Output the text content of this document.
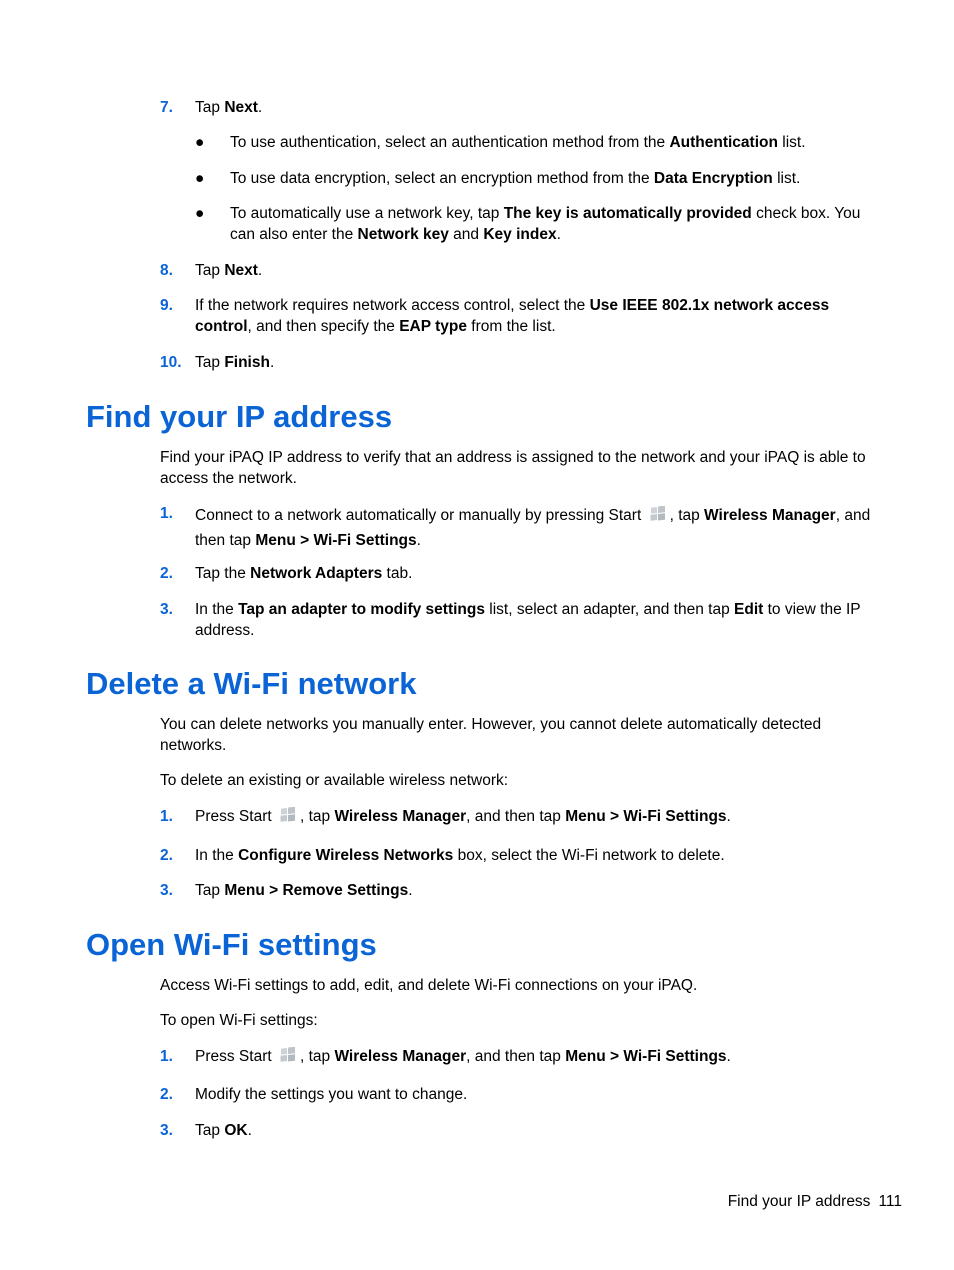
7. Tap Next.
● To use authentication, select an authentication method from the Authentication list.
● To use data encryption, select an encryption method from the Data Encryption list.
● To automatically use a network key, tap The key is automatically provided check box. You can also enter the Network key and Key index.
8. Tap Next.
9. If the network requires network access control, select the Use IEEE 802.1x network access control, and then specify the EAP type from the list.
10. Tap Finish.
Find your IP address

Find your iPAQ IP address to verify that an address is assigned to the network and your iPAQ is able to access the network.

1. Connect to a network automatically or manually by pressing Start , tap Wireless Manager, and then tap Menu > Wi-Fi Settings.
2. Tap the Network Adapters tab.
3. In the Tap an adapter to modify settings list, select an adapter, and then tap Edit to view the IP address.
Delete a Wi-Fi network

You can delete networks you manually enter. However, you cannot delete automatically detected networks.

To delete an existing or available wireless network:

1. Press Start , tap Wireless Manager, and then tap Menu > Wi-Fi Settings.
2. In the Configure Wireless Networks box, select the Wi-Fi network to delete.
3. Tap Menu > Remove Settings.
Open Wi-Fi settings

Access Wi-Fi settings to add, edit, and delete Wi-Fi connections on your iPAQ.

To open Wi-Fi settings:

1. Press Start , tap Wireless Manager, and then tap Menu > Wi-Fi Settings.
2. Modify the settings you want to change.
3. Tap OK.
Find your IP address 111
